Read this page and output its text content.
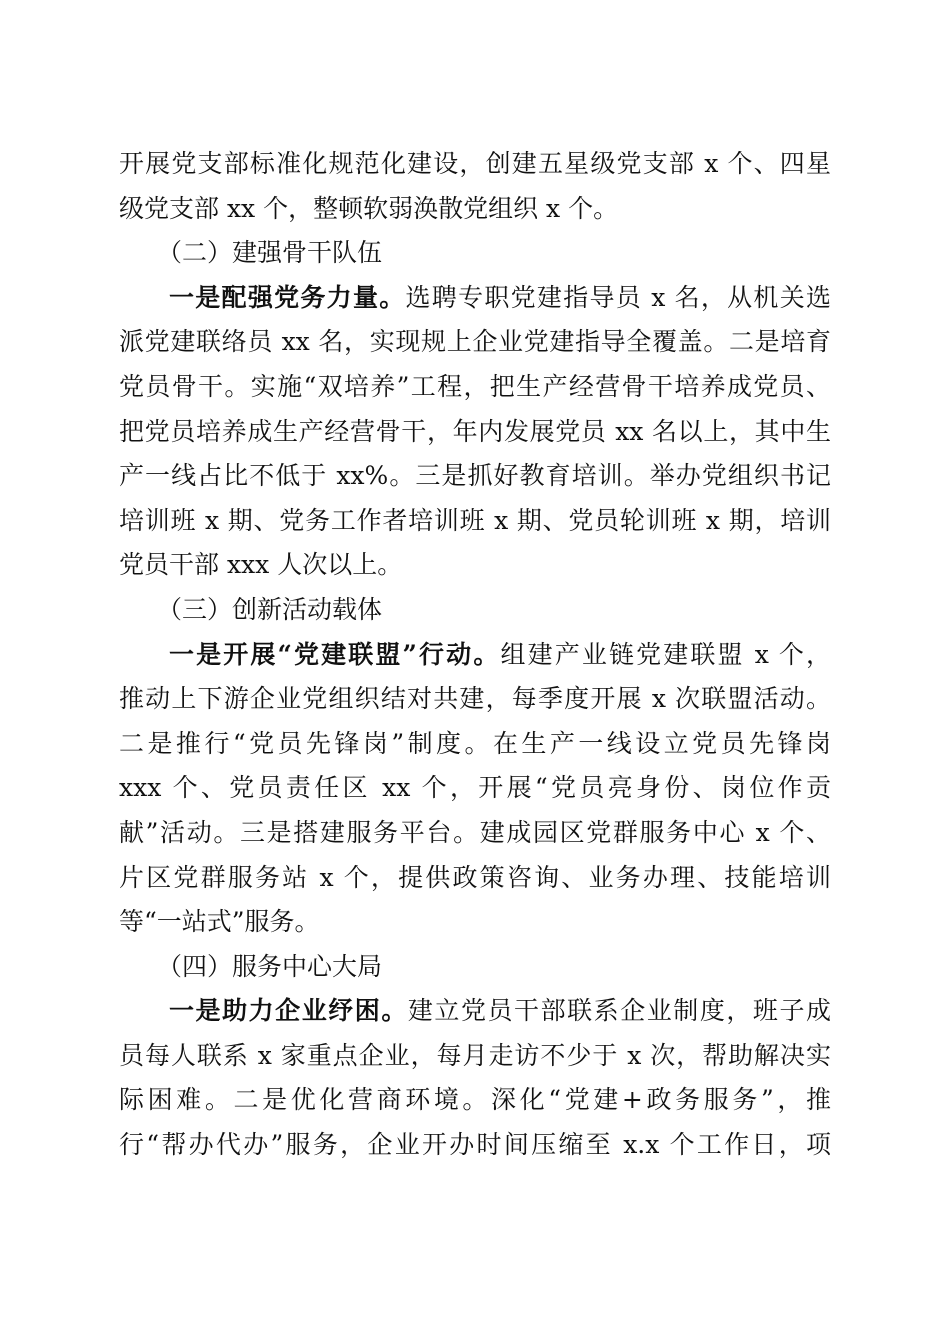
开展党支部标准化规范化建设，创建五星级党支部 x 个、四星
级党支部 xx 个，整顿软弱涣散党组织 x 个。
（二）建强骨干队伍
一是配强党务力量。选聘专职党建指导员 x 名，从机关选
派党建联络员 xx 名，实现规上企业党建指导全覆盖。二是培育
党员骨干。实施“双培养”工程，把生产经营骨干培养成党员、
把党员培养成生产经营骨干，年内发展党员 xx 名以上，其中生
产一线占比不低于 xx%。三是抓好教育培训。举办党组织书记
培训班 x 期、党务工作者培训班 x 期、党员轮训班 x 期，培训
党员干部 xxx 人次以上。
（三）创新活动载体
一是开展“党建联盟”行动。组建产业链党建联盟 x 个，
推动上下游企业党组织结对共建，每季度开展 x 次联盟活动。
二是推行“党员先锋岗”制度。在生产一线设立党员先锋岗
xxx 个、党员责任区 xx 个，开展“党员亮身份、岗位作贡
献”活动。三是搭建服务平台。建成园区党群服务中心 x 个、
片区党群服务站 x 个，提供政策咨询、业务办理、技能培训
等“一站式”服务。
（四）服务中心大局
一是助力企业纾困。建立党员干部联系企业制度，班子成
员每人联系 x 家重点企业，每月走访不少于 x 次，帮助解决实
际困难。二是优化营商环境。深化“党建+政务服务”，推
行“帮办代办”服务，企业开办时间压缩至 x.x 个工作日，项
